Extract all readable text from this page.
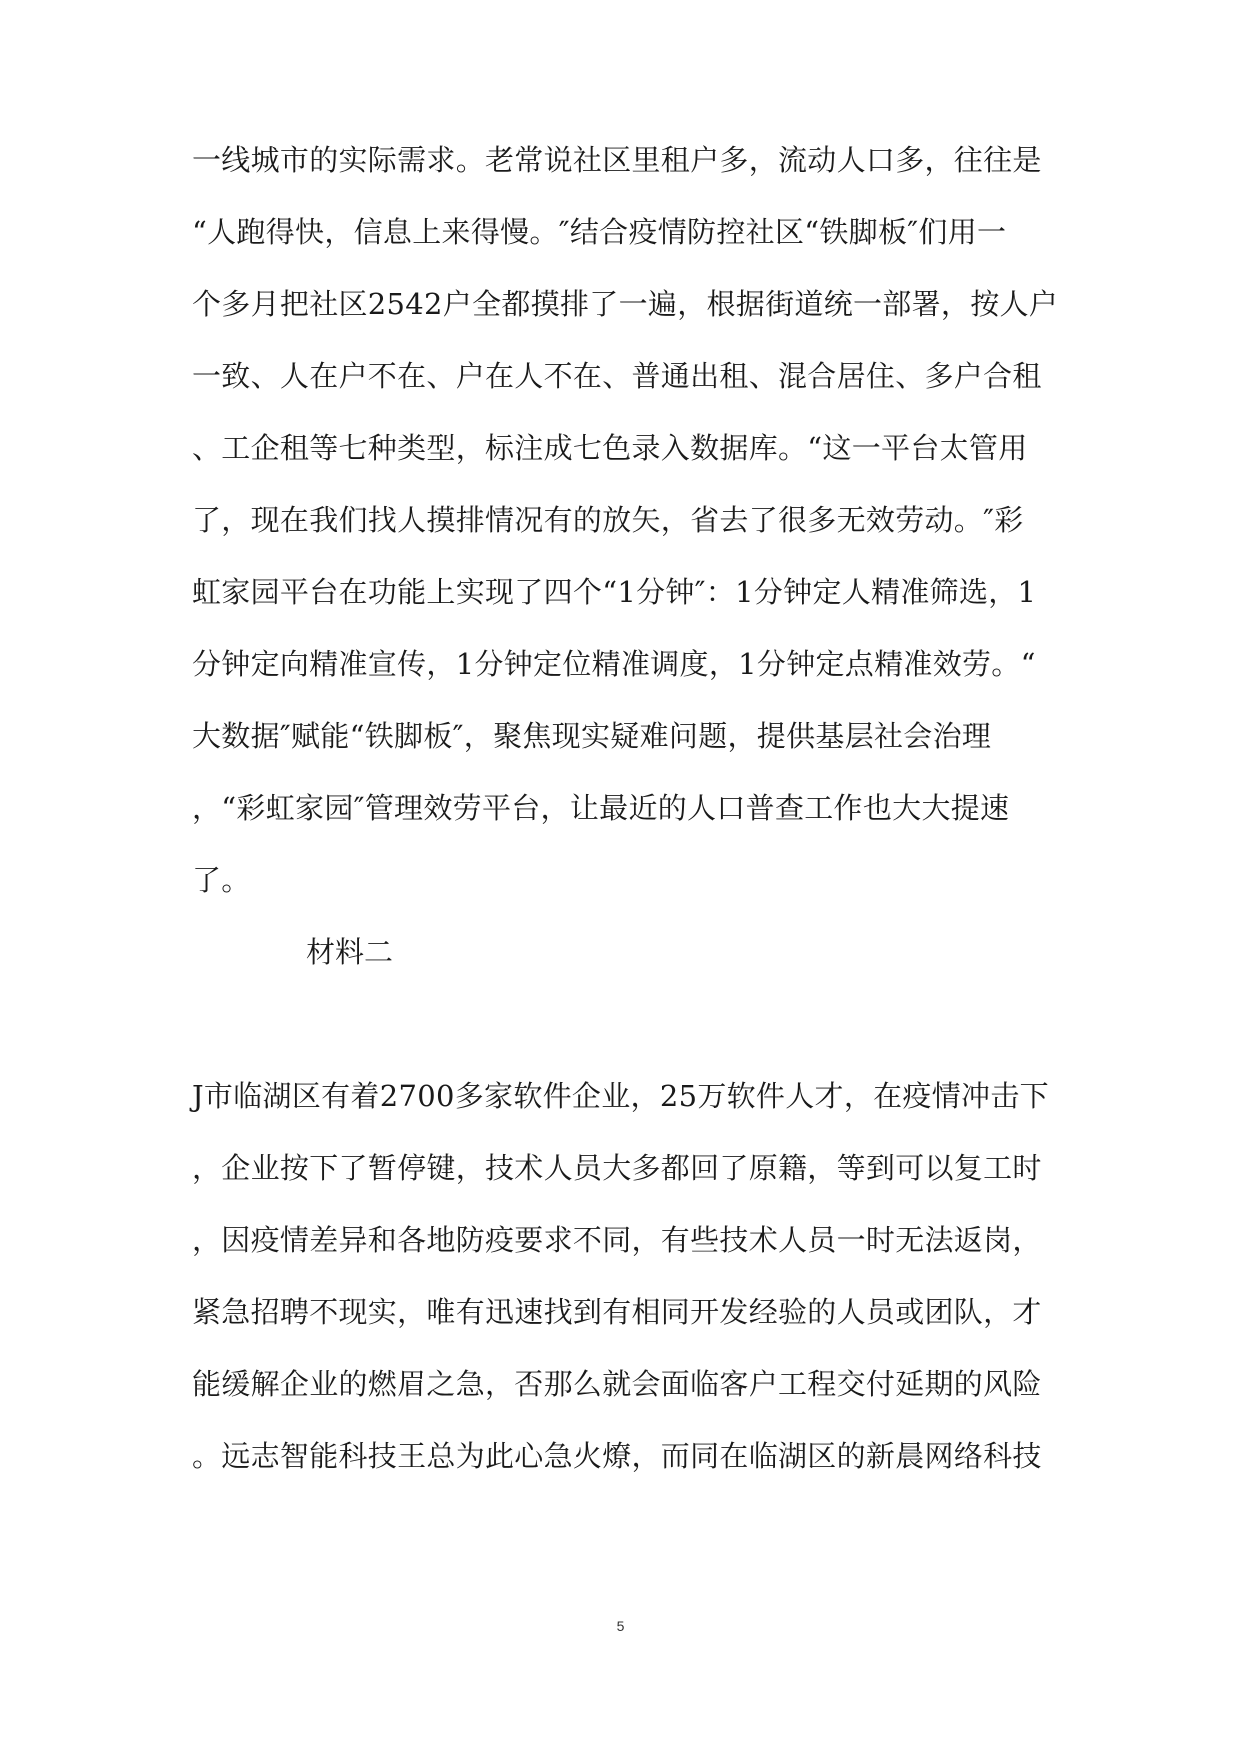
一线城市的实际需求。老常说社区里租户多，流动人口多，往往是
“人跑得快，信息上来得慢。″结合疫情防控社区“铁脚板″们用一
个多月把社区2542户全都摸排了一遍，根据街道统一部署，按人户
一致、人在户不在、户在人不在、普通出租、混合居住、多户合租
、工企租等七种类型，标注成七色录入数据库。“这一平台太管用
了，现在我们找人摸排情况有的放矢，省去了很多无效劳动。″彩
虹家园平台在功能上实现了四个“1分钟″：1分钟定人精准筛选，1
分钟定向精准宣传，1分钟定位精准调度，1分钟定点精准效劳。“
大数据″赋能“铁脚板″，聚焦现实疑难问题，提供基层社会治理
，“彩虹家园″管理效劳平台，让最近的人口普查工作也大大提速
了。
材料二
J市临湖区有着2700多家软件企业，25万软件人才，在疫情冲击下
，企业按下了暂停键，技术人员大多都回了原籍，等到可以复工时
，因疫情差异和各地防疫要求不同，有些技术人员一时无法返岗，
紧急招聘不现实，唯有迅速找到有相同开发经验的人员或团队，才
能缓解企业的燃眉之急，否那么就会面临客户工程交付延期的风险
。远志智能科技王总为此心急火燎，而同在临湖区的新晨网络科技
5
